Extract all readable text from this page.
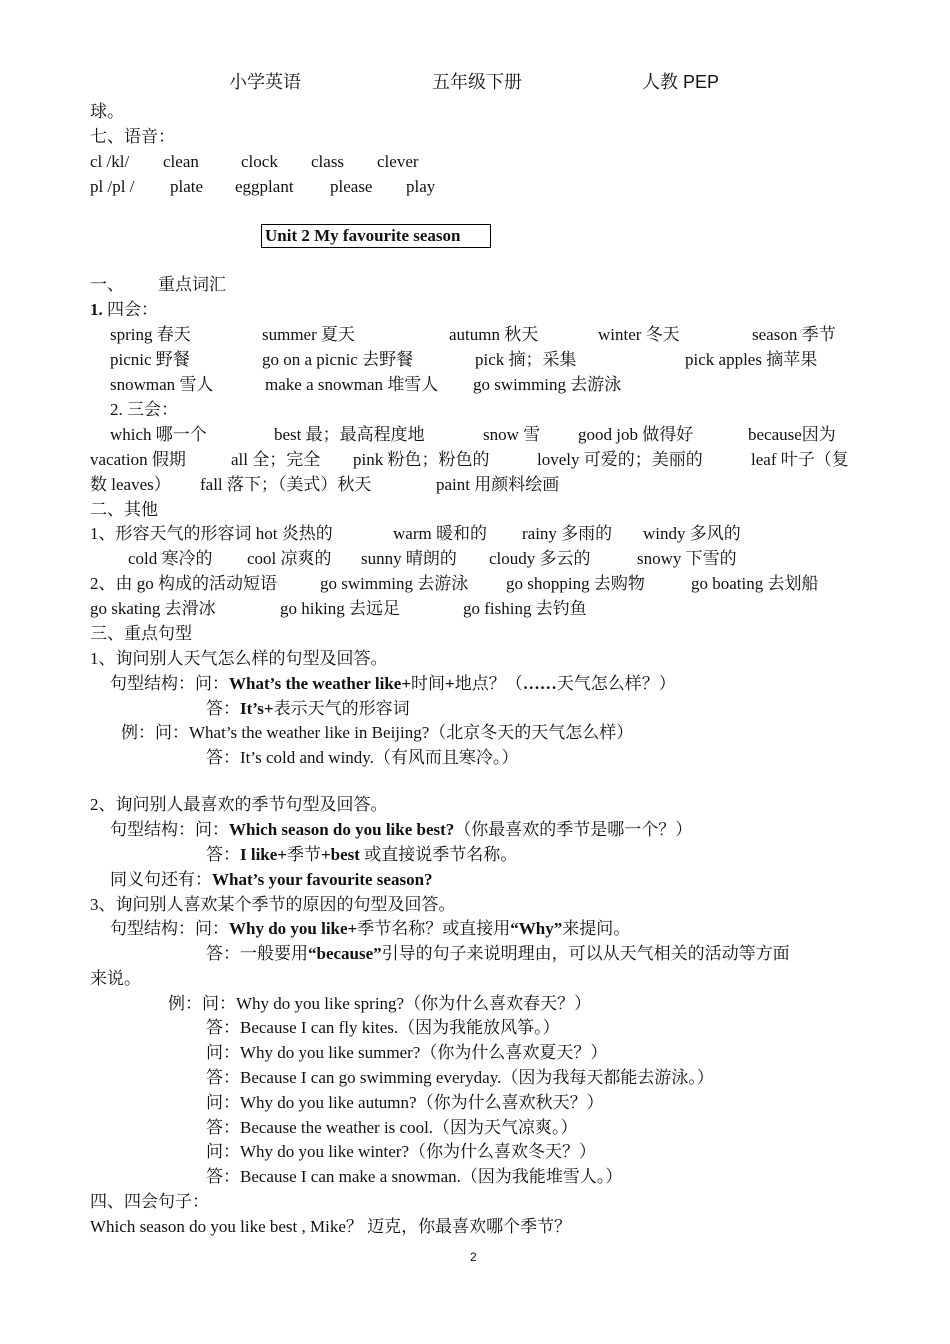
小学英语	五年级下册	人教 PEP
球。
七、语音：
cl /kl/ clean clock class clever
pl /pl / plate eggplant please play
Unit 2 My favourite season
一、 重点词汇
1. 四会：
spring 春天	summer 夏天	autumn 秋天	winter 冬天	season 季节
picnic 野餐	go on a picnic 去野餐	pick 摘；采集	pick apples 摘苹果
snowman 雪人	make a snowman 堆雪人 go swimming 去游泳
2. 三会：
which 哪一个	best 最；最高程度地	snow 雪 good job 做得好	because因为
vacation 假期	all 全；完全 pink 粉色；粉色的	lovely 可爱的；美丽的	leaf 叶子（复
数 leaves） fall 落下；（美式）秋天	paint 用颜料绘画
二、其他
1、形容天气的形容词 hot 炎热的	warm 暖和的 rainy 多雨的 windy 多风的
cold 寒冷的 cool 凉爽的 sunny 晴朗的 cloudy 多云的	snowy 下雪的
2、由 go 构成的活动短语	go swimming 去游泳 go shopping 去购物	go boating 去划船
go skating 去滑冰	go hiking 去远足	go fishing 去钓鱼
三、重点句型
1、询问别人天气怎么样的句型及回答。
句型结构：问：What’s the weather like+时间+地点？（……天气怎么样？）
答：It’s+表示天气的形容词
例：问：What’s the weather like in Beijing?（北京冬天的天气怎么样）
答：It’s cold and windy.（有风而且寒冷。）
2、询问别人最喜欢的季节句型及回答。
句型结构：问：Which season do you like best?（你最喜欢的季节是哪一个？）
答：I like+季节+best 或直接说季节名称。
同义句还有：What’s your favourite season?
3、询问别人喜欢某个季节的原因的句型及回答。
句型结构：问：Why do you like+季节名称？或直接用“Why”来提问。
答：一般要用“because”引导的句子来说明理由，可以从天气相关的活动等方面
来说。
例：问：Why do you like spring?（你为什么喜欢春天？）
答：Because I can fly kites.（因为我能放风筝。）
问：Why do you like summer?（你为什么喜欢夏天？）
答：Because I can go swimming everyday.（因为我每天都能去游泳。）
问：Why do you like autumn?（你为什么喜欢秋天？）
答：Because the weather is cool.（因为天气凉爽。）
问：Why do you like winter?（你为什么喜欢冬天？）
答：Because I can make a snowman.（因为我能堆雪人。）
四、四会句子：
Which season do you like best , Mike？ 迈克，你最喜欢哪个季节？
2
